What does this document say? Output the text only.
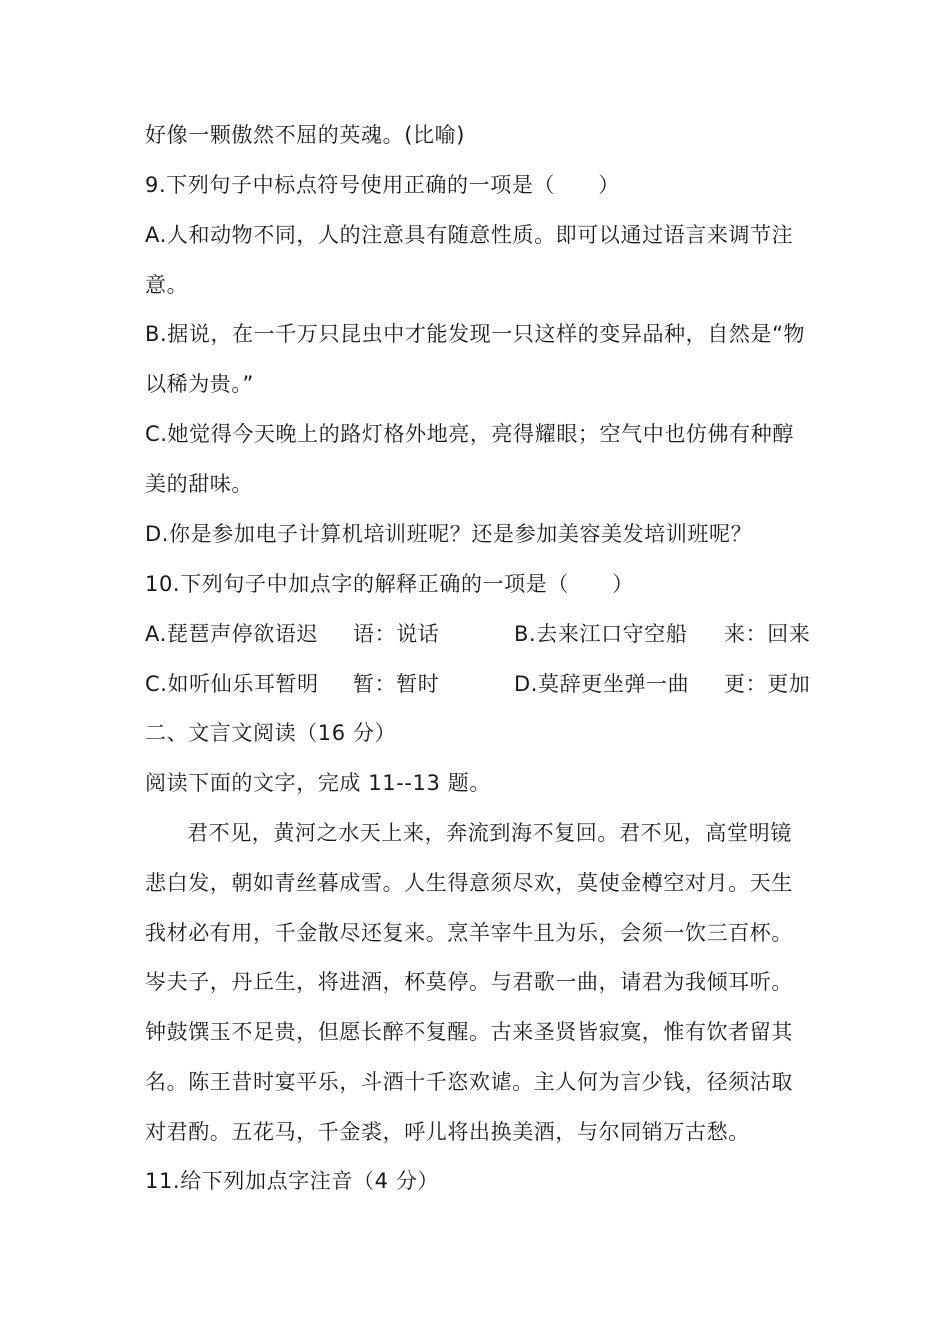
好像一颗傲然不屈的英魂。(比喻)
9.下列句子中标点符号使用正确的一项是（　　）
A.人和动物不同，人的注意具有随意性质。即可以通过语言来调节注
意。
B.据说，在一千万只昆虫中才能发现一只这样的变异品种，自然是“物
以稀为贵。”
C.她觉得今天晚上的路灯格外地亮，亮得耀眼；空气中也仿佛有种醇
美的甜味。
D.你是参加电子计算机培训班呢？还是参加美容美发培训班呢？
10.下列句子中加点字的解释正确的一项是（　　）
A.琵琶声停欲语迟 语：说话	B.去来江口守空船 来：回来
C.如听仙乐耳暂明 暂：暂时	D.莫辞更坐弹一曲 更：更加
二、文言文阅读（16 分）
阅读下面的文字，完成 11--13 题。
君不见，黄河之水天上来，奔流到海不复回。君不见，高堂明镜
悲白发，朝如青丝暮成雪。人生得意须尽欢，莫使金樽空对月。天生
我材必有用，千金散尽还复来。烹羊宰牛且为乐，会须一饮三百杯。
岑夫子，丹丘生，将进酒，杯莫停。与君歌一曲，请君为我倾耳听。
钟鼓馔玉不足贵，但愿长醉不复醒。古来圣贤皆寂寞，惟有饮者留其
名。陈王昔时宴平乐，斗酒十千恣欢谑。主人何为言少钱，径须沽取
对君酌。五花马，千金裘，呼儿将出换美酒，与尔同销万古愁。
11.给下列加点字注音（4 分）
